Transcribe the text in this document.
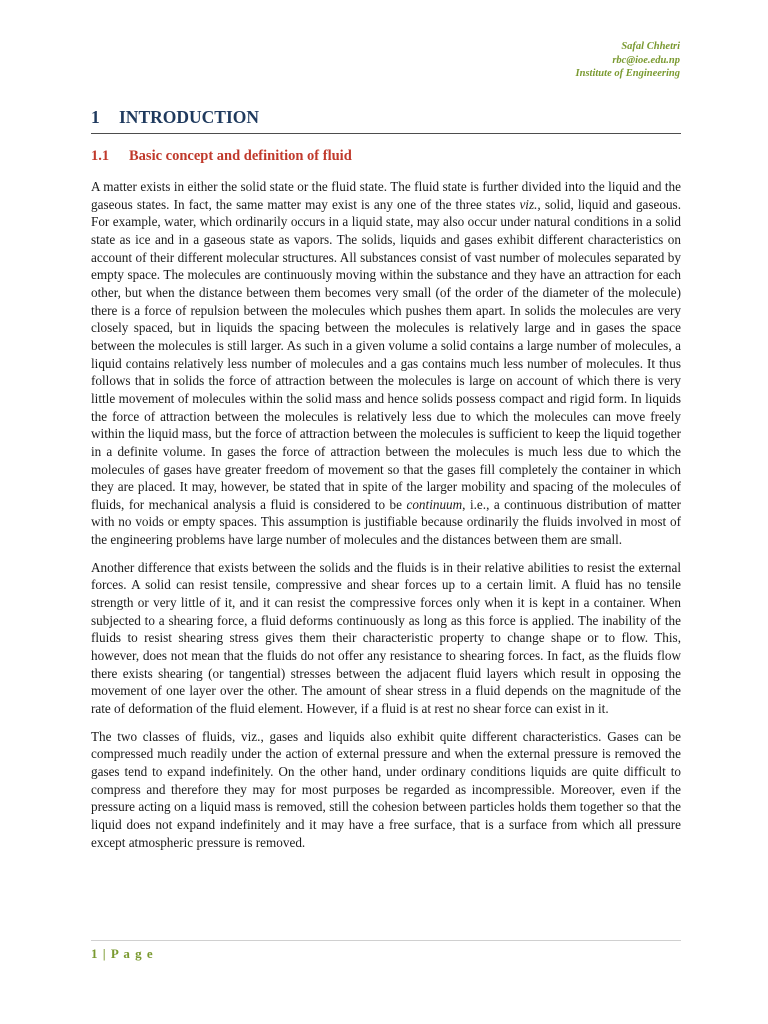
Safal Chhetri
rbc@ioe.edu.np
Institute of Engineering
1 INTRODUCTION
1.1 Basic concept and definition of fluid

A matter exists in either the solid state or the fluid state. The fluid state is further divided into the liquid and the gaseous states. In fact, the same matter may exist is any one of the three states viz., solid, liquid and gaseous. For example, water, which ordinarily occurs in a liquid state, may also occur under natural conditions in a solid state as ice and in a gaseous state as vapors. The solids, liquids and gases exhibit different characteristics on account of their different molecular structures. All substances consist of vast number of molecules separated by empty space. The molecules are continuously moving within the substance and they have an attraction for each other, but when the distance between them becomes very small (of the order of the diameter of the molecule) there is a force of repulsion between the molecules which pushes them apart. In solids the molecules are very closely spaced, but in liquids the spacing between the molecules is relatively large and in gases the space between the molecules is still larger. As such in a given volume a solid contains a large number of molecules, a liquid contains relatively less number of molecules and a gas contains much less number of molecules. It thus follows that in solids the force of attraction between the molecules is large on account of which there is very little movement of molecules within the solid mass and hence solids possess compact and rigid form. In liquids the force of attraction between the molecules is relatively less due to which the molecules can move freely within the liquid mass, but the force of attraction between the molecules is sufficient to keep the liquid together in a definite volume. In gases the force of attraction between the molecules is much less due to which the molecules of gases have greater freedom of movement so that the gases fill completely the container in which they are placed. It may, however, be stated that in spite of the larger mobility and spacing of the molecules of fluids, for mechanical analysis a fluid is considered to be continuum, i.e., a continuous distribution of matter with no voids or empty spaces. This assumption is justifiable because ordinarily the fluids involved in most of the engineering problems have large number of molecules and the distances between them are small.

Another difference that exists between the solids and the fluids is in their relative abilities to resist the external forces. A solid can resist tensile, compressive and shear forces up to a certain limit. A fluid has no tensile strength or very little of it, and it can resist the compressive forces only when it is kept in a container. When subjected to a shearing force, a fluid deforms continuously as long as this force is applied. The inability of the fluids to resist shearing stress gives them their characteristic property to change shape or to flow. This, however, does not mean that the fluids do not offer any resistance to shearing forces. In fact, as the fluids flow there exists shearing (or tangential) stresses between the adjacent fluid layers which result in opposing the movement of one layer over the other. The amount of shear stress in a fluid depends on the magnitude of the rate of deformation of the fluid element. However, if a fluid is at rest no shear force can exist in it.

The two classes of fluids, viz., gases and liquids also exhibit quite different characteristics. Gases can be compressed much readily under the action of external pressure and when the external pressure is removed the gases tend to expand indefinitely. On the other hand, under ordinary conditions liquids are quite difficult to compress and therefore they may for most purposes be regarded as incompressible. Moreover, even if the pressure acting on a liquid mass is removed, still the cohesion between particles holds them together so that the liquid does not expand indefinitely and it may have a free surface, that is a surface from which all pressure except atmospheric pressure is removed.

1 | P a g e
